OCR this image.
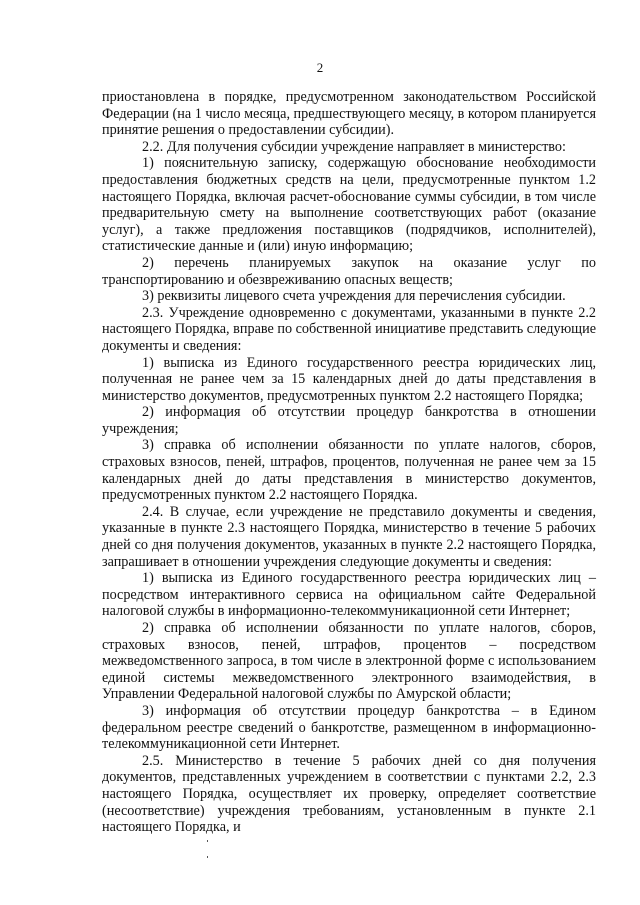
2

приостановлена в порядке, предусмотренном законодательством Российской Федерации (на 1 число месяца, предшествующего месяцу, в котором планируется принятие решения о предоставлении субсидии).

2.2. Для получения субсидии учреждение направляет в министерство:

1) пояснительную записку, содержащую обоснование необходимости предоставления бюджетных средств на цели, предусмотренные пунктом 1.2 настоящего Порядка, включая расчет-обоснование суммы субсидии, в том числе предварительную смету на выполнение соответствующих работ (оказание услуг), а также предложения поставщиков (подрядчиков, исполнителей), статистические данные и (или) иную информацию;

2) перечень планируемых закупок на оказание услуг по транспортированию и обезвреживанию опасных веществ;

3) реквизиты лицевого счета учреждения для перечисления субсидии.

2.3. Учреждение одновременно с документами, указанными в пункте 2.2 настоящего Порядка, вправе по собственной инициативе представить следующие документы и сведения:

1) выписка из Единого государственного реестра юридических лиц, полученная не ранее чем за 15 календарных дней до даты представления в министерство документов, предусмотренных пунктом 2.2 настоящего Порядка;

2) информация об отсутствии процедур банкротства в отношении учреждения;

3) справка об исполнении обязанности по уплате налогов, сборов, страховых взносов, пеней, штрафов, процентов, полученная не ранее чем за 15 календарных дней до даты представления в министерство документов, предусмотренных пунктом 2.2 настоящего Порядка.

2.4. В случае, если учреждение не представило документы и сведения, указанные в пункте 2.3 настоящего Порядка, министерство в течение 5 рабочих дней со дня получения документов, указанных в пункте 2.2 настоящего Порядка, запрашивает в отношении учреждения следующие документы и сведения:

1) выписка из Единого государственного реестра юридических лиц – посредством интерактивного сервиса на официальном сайте Федеральной налоговой службы в информационно-телекоммуникационной сети Интернет;

2) справка об исполнении обязанности по уплате налогов, сборов, страховых взносов, пеней, штрафов, процентов – посредством межведомственного запроса, в том числе в электронной форме с использованием единой системы межведомственного электронного взаимодействия, в Управлении Федеральной налоговой службы по Амурской области;

3) информация об отсутствии процедур банкротства – в Едином федеральном реестре сведений о банкротстве, размещенном в информационно-телекоммуникационной сети Интернет.

2.5. Министерство в течение 5 рабочих дней со дня получения документов, представленных учреждением в соответствии с пунктами 2.2, 2.3 настоящего Порядка, осуществляет их проверку, определяет соответствие (несоответствие) учреждения требованиям, установленным в пункте 2.1 настоящего Порядка, и
